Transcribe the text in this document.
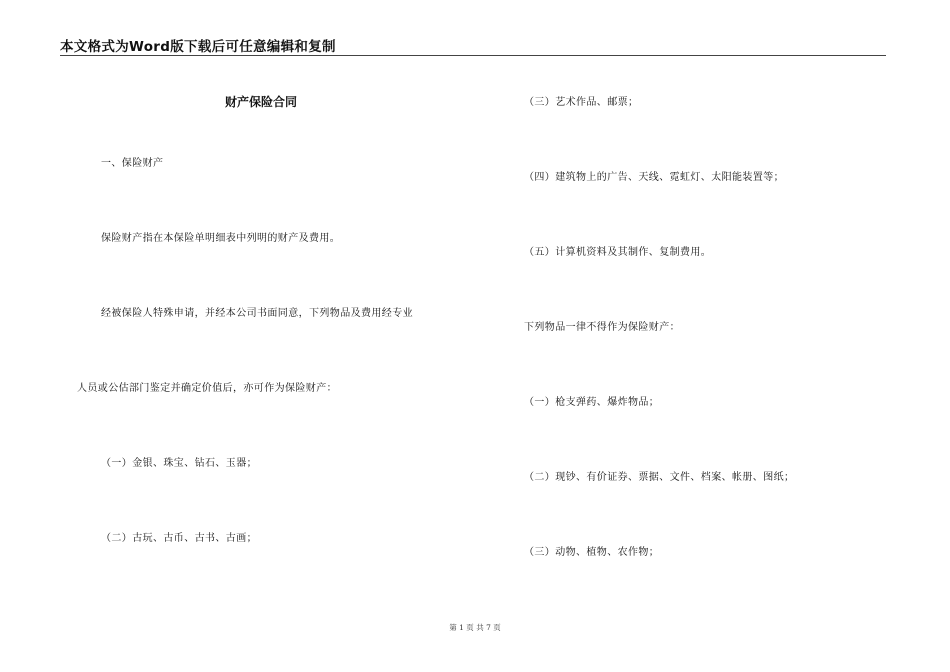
本文格式为Word版下载后可任意编辑和复制
财产保险合同
一、保险财产
保险财产指在本保险单明细表中列明的财产及费用。
经被保险人特殊申请，并经本公司书面同意，下列物品及费用经专业
人员或公估部门鉴定并确定价值后，亦可作为保险财产：
（一）金银、珠宝、钻石、玉器；
（二）古玩、古币、古书、古画；
（三）艺术作品、邮票；
（四）建筑物上的广告、天线、霓虹灯、太阳能装置等；
（五）计算机资料及其制作、复制费用。
下列物品一律不得作为保险财产：
（一）枪支弹药、爆炸物品；
（二）现钞、有价证券、票据、文件、档案、帐册、图纸；
（三）动物、植物、农作物；
第 1 页 共 7 页
